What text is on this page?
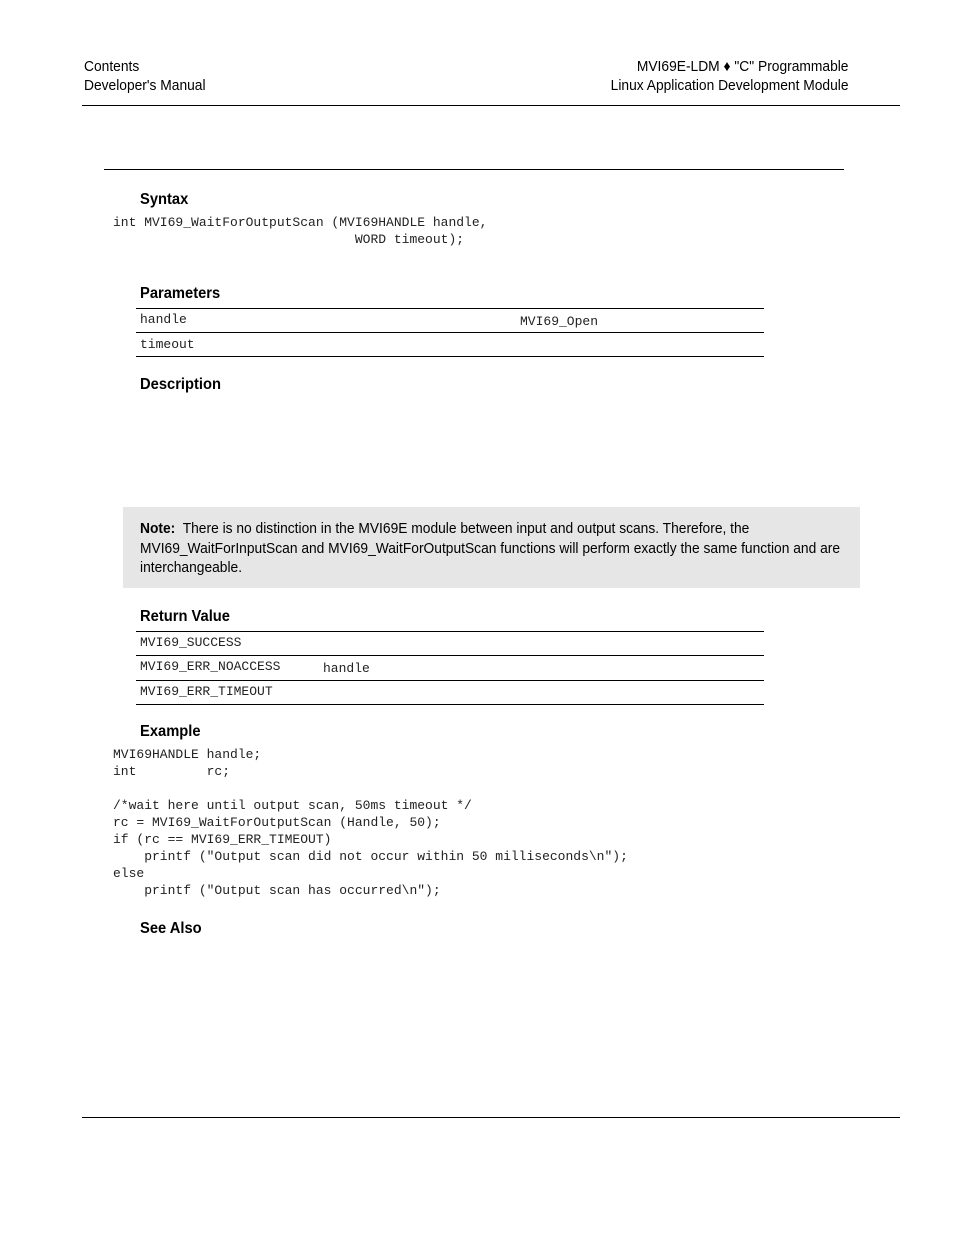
Contents
Developer's Manual
MVI69E-LDM ♦ "C" Programmable
Linux Application Development Module
Syntax
int MVI69_WaitForOutputScan (MVI69HANDLE handle,
WORD timeout);
Parameters
handle	MVI69_Open
timeout
Description
Note: There is no distinction in the MVI69E module between input and output scans. Therefore, the MVI69_WaitForInputScan and MVI69_WaitForOutputScan functions will perform exactly the same function and are interchangeable.
Return Value
MVI69_SUCCESS
MVI69_ERR_NOACCESS	handle
MVI69_ERR_TIMEOUT
Example
MVI69HANDLE handle;
int         rc;

/*wait here until output scan, 50ms timeout */
rc = MVI69_WaitForOutputScan (Handle, 50);
if (rc == MVI69_ERR_TIMEOUT)
printf ("Output scan did not occur within 50 milliseconds\n");
else
printf ("Output scan has occurred\n");
See Also
